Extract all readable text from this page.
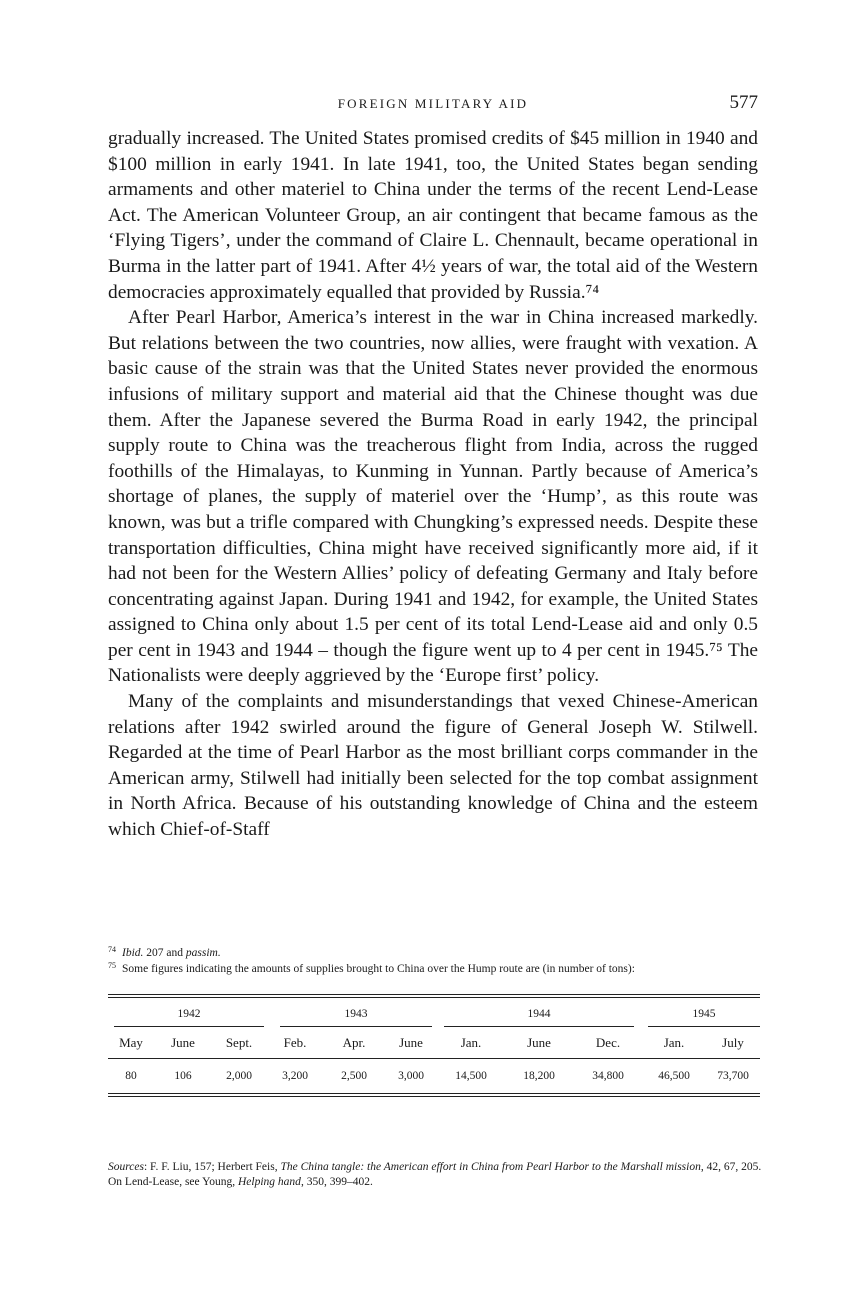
FOREIGN MILITARY AID	577

gradually increased. The United States promised credits of $45 million in 1940 and $100 million in early 1941. In late 1941, too, the United States began sending armaments and other materiel to China under the terms of the recent Lend-Lease Act. The American Volunteer Group, an air contingent that became famous as the ‘Flying Tigers’, under the command of Claire L. Chennault, became operational in Burma in the latter part of 1941. After 4½ years of war, the total aid of the Western democracies approximately equalled that provided by Russia.⁷⁴

After Pearl Harbor, America’s interest in the war in China increased markedly. But relations between the two countries, now allies, were fraught with vexation. A basic cause of the strain was that the United States never provided the enormous infusions of military support and material aid that the Chinese thought was due them. After the Japanese severed the Burma Road in early 1942, the principal supply route to China was the treacherous flight from India, across the rugged foothills of the Himalayas, to Kunming in Yunnan. Partly because of America’s shortage of planes, the supply of materiel over the ‘Hump’, as this route was known, was but a trifle compared with Chungking’s expressed needs. Despite these transportation difficulties, China might have received significantly more aid, if it had not been for the Western Allies’ policy of defeating Germany and Italy before concentrating against Japan. During 1941 and 1942, for example, the United States assigned to China only about 1.5 per cent of its total Lend-Lease aid and only 0.5 per cent in 1943 and 1944 – though the figure went up to 4 per cent in 1945.⁷⁵ The Nationalists were deeply aggrieved by the ‘Europe first’ policy.

Many of the complaints and misunderstandings that vexed Chinese-American relations after 1942 swirled around the figure of General Joseph W. Stilwell. Regarded at the time of Pearl Harbor as the most brilliant corps commander in the American army, Stilwell had initially been selected for the top combat assignment in North Africa. Because of his outstanding knowledge of China and the esteem which Chief-of-Staff

74 Ibid. 207 and passim.

75 Some figures indicating the amounts of supplies brought to China over the Hump route are (in number of tons):

1942	1943	1944	1945
May	June	Sept.	Feb.	Apr.	June	Jan.	June	Dec.	Jan.	July
80	106	2,000	3,200	2,500	3,000	14,500	18,200	34,800	46,500	73,700
Sources: F. F. Liu, 157; Herbert Feis, The China tangle: the American effort in China from Pearl Harbor to the Marshall mission, 42, 67, 205. On Lend-Lease, see Young, Helping hand, 350, 399–402.
